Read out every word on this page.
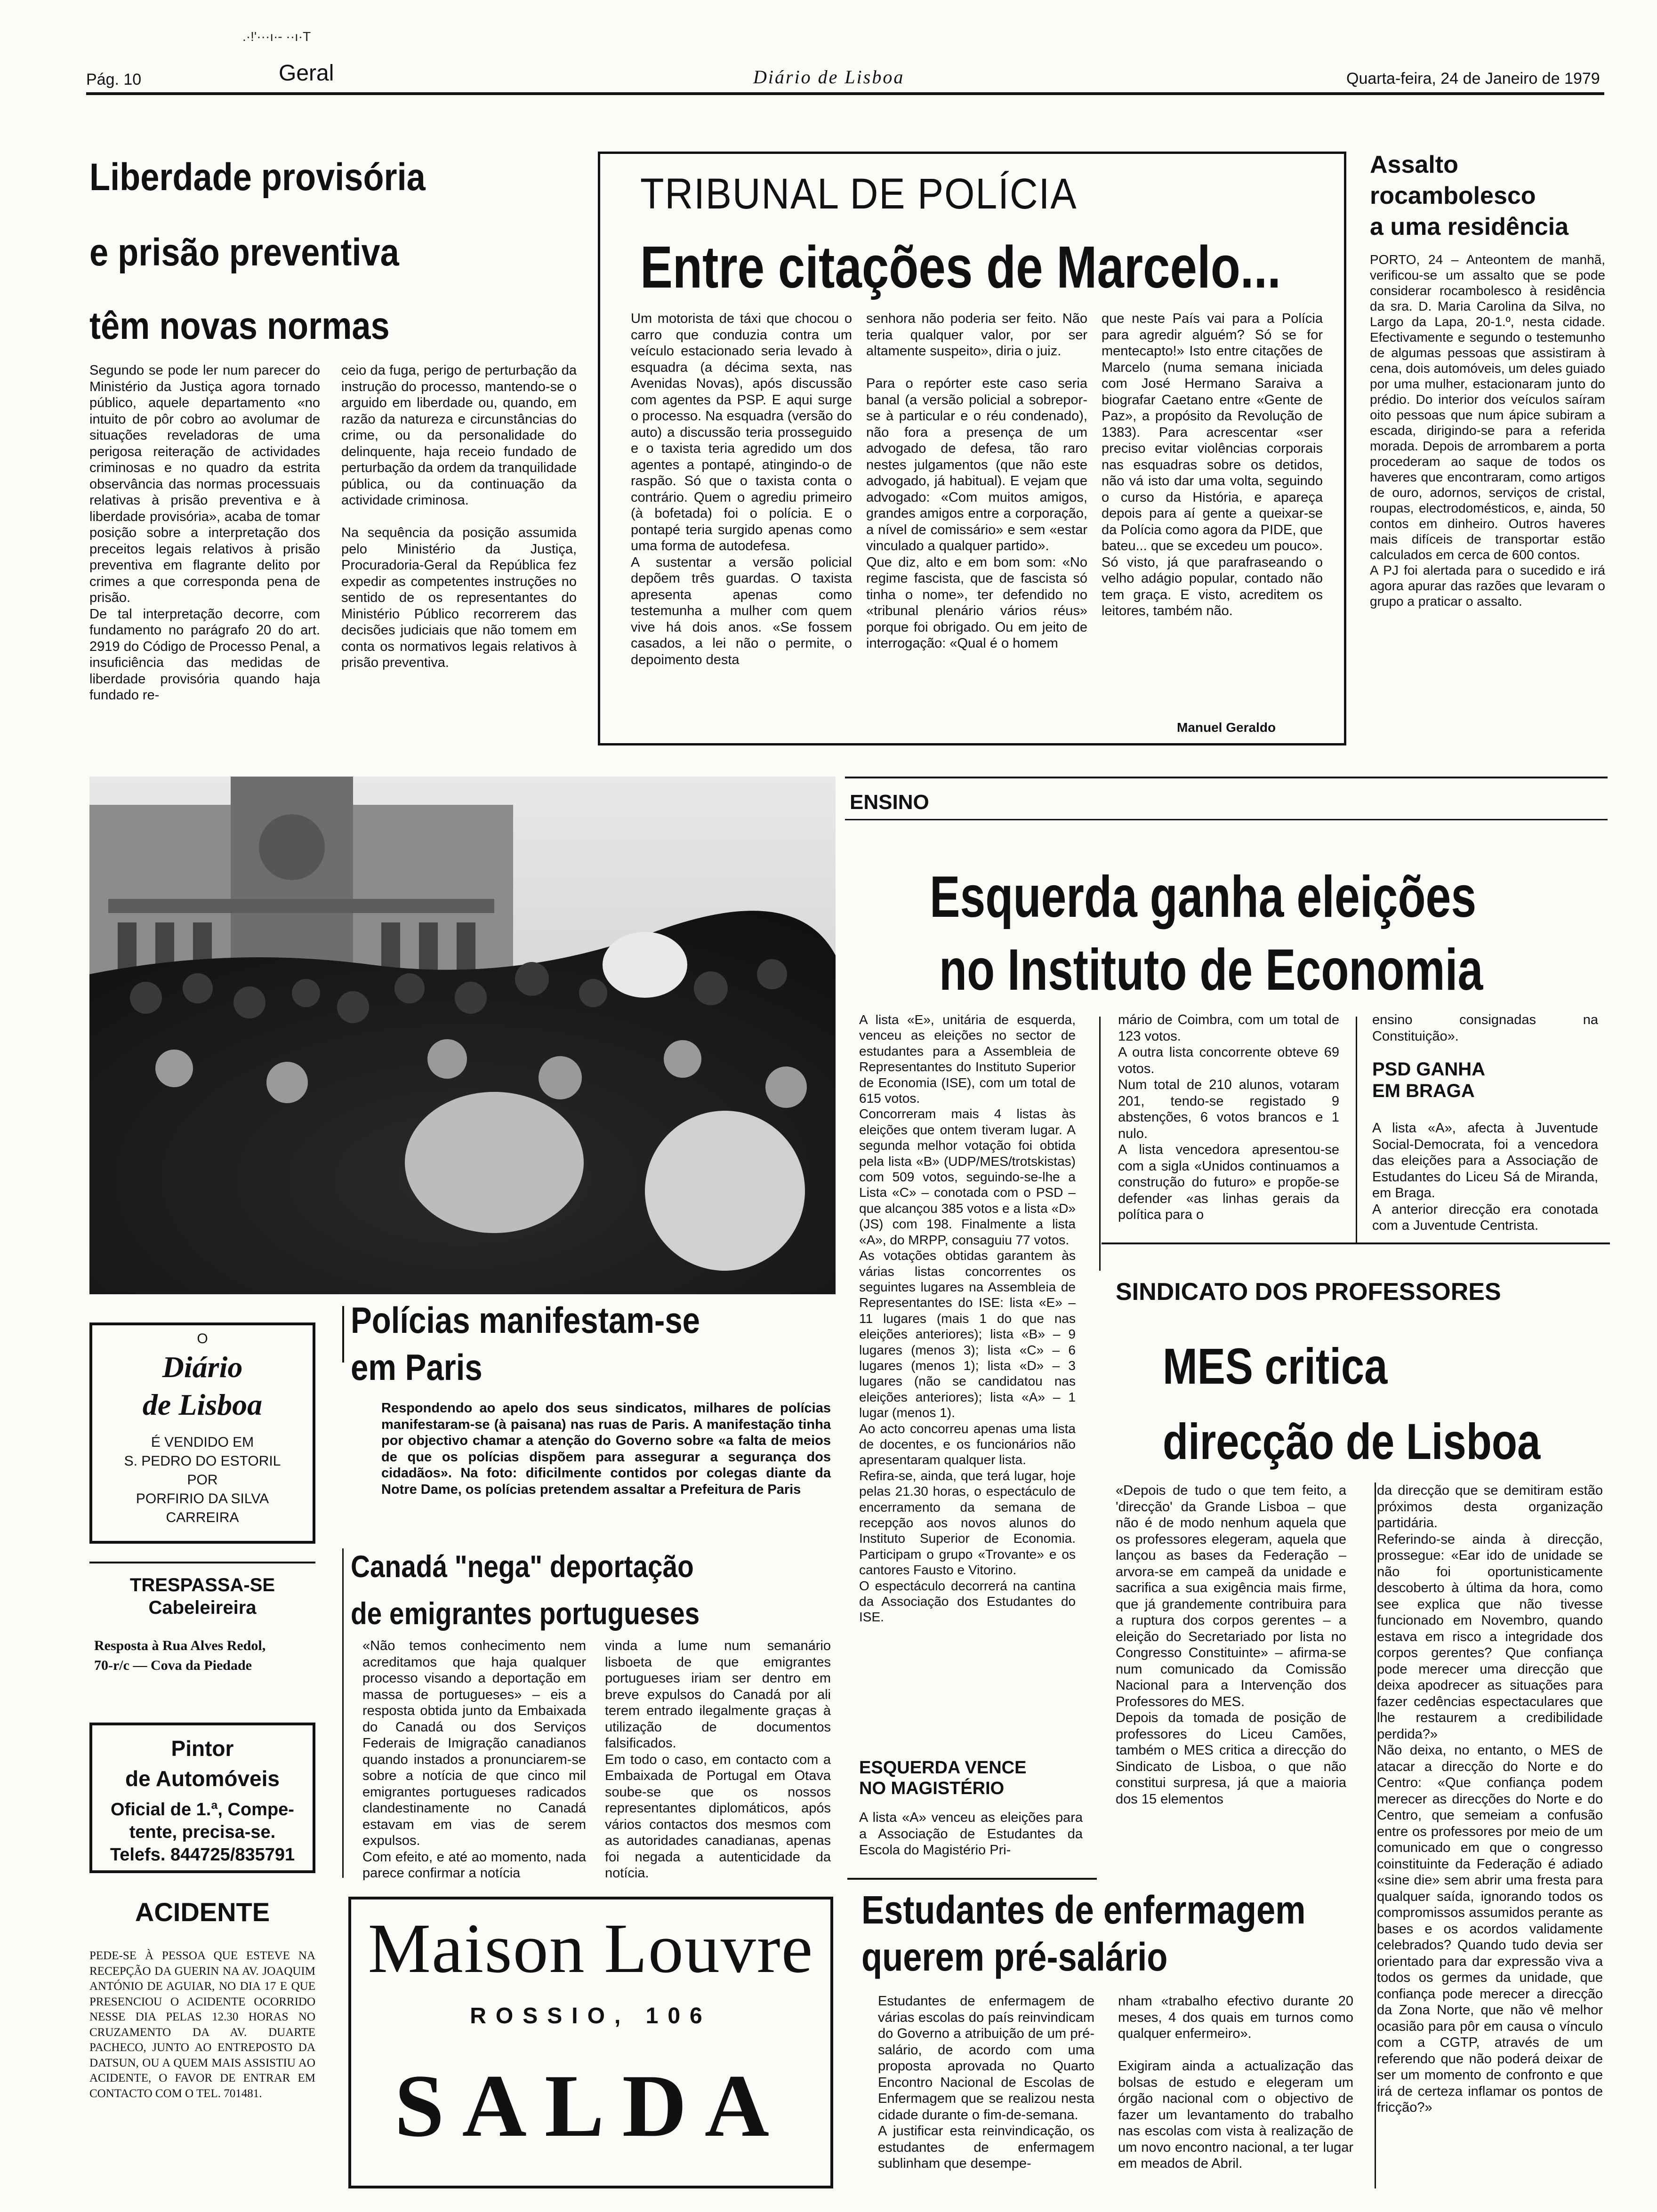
.·!'···ı·- ··ı·T
Pág. 10	Geral	Diário de Lisboa	Quarta-feira, 24 de Janeiro de 1979
Liberdade provisória
e prisão preventiva
têm novas normas

Segundo se pode ler num parecer do Ministério da Justiça agora tornado público, aquele departamento «no intuito de pôr cobro ao avolumar de situações reveladoras de uma perigosa reiteração de actividades criminosas e no quadro da estrita observância das normas processuais relativas à prisão preventiva e à liberdade provisória», acaba de tomar posição sobre a interpretação dos preceitos legais relativos à prisão preventiva em flagrante delito por crimes a que corresponda pena de prisão.
De tal interpretação decorre, com fundamento no parágrafo 20 do art. 2919 do Código de Processo Penal, a insuficiência das medidas de liberdade provisória quando haja fundado re-

ceio da fuga, perigo de perturbação da instrução do processo, mantendo-se o arguido em liberdade ou, quando, em razão da natureza e circunstâncias do crime, ou da personalidade do delinquente, haja receio fundado de perturbação da ordem da tranquilidade pública, ou da continuação da actividade criminosa.

Na sequência da posição assumida pelo Ministério da Justiça, Procuradoria-Geral da República fez expedir as competentes instruções no sentido de os representantes do Ministério Público recorrerem das decisões judiciais que não tomem em conta os normativos legais relativos à prisão preventiva.

TRIBUNAL DE POLÍCIA
Entre citações de Marcelo...

Um motorista de táxi que chocou o carro que conduzia contra um veículo estacionado seria levado à esquadra (a décima sexta, nas Avenidas Novas), após discussão com agentes da PSP. E aqui surge o processo. Na esquadra (versão do auto) a discussão teria prosseguido e o taxista teria agredido um dos agentes a pontapé, atingindo-o de raspão. Só que o taxista conta o contrário. Quem o agrediu primeiro (à bofetada) foi o polícia. E o pontapé teria surgido apenas como uma forma de autodefesa.
A sustentar a versão policial depõem três guardas. O taxista apresenta apenas como testemunha a mulher com quem vive há dois anos. «Se fossem casados, a lei não o permite, o depoimento desta

senhora não poderia ser feito. Não teria qualquer valor, por ser altamente suspeito», diria o juiz.

Para o repórter este caso seria banal (a versão policial a sobrepor-se à particular e o réu condenado), não fora a presença de um advogado de defesa, tão raro nestes julgamentos (que não este advogado, já habitual). E vejam que advogado: «Com muitos amigos, grandes amigos entre a corporação, a nível de comissário» e sem «estar vinculado a qualquer partido».
Que diz, alto e em bom som: «No regime fascista, que de fascista só tinha o nome», ter defendido no «tribunal plenário vários réus» porque foi obrigado. Ou em jeito de interrogação: «Qual é o homem

que neste País vai para a Polícia para agredir alguém? Só se for mentecapto!» Isto entre citações de Marcelo (numa semana iniciada com José Hermano Saraiva a biografar Caetano entre «Gente de Paz», a propósito da Revolução de 1383). Para acrescentar «ser preciso evitar violências corporais nas esquadras sobre os detidos, não vá isto dar uma volta, seguindo o curso da História, e apareça depois para aí gente a queixar-se da Polícia como agora da PIDE, que bateu... que se excedeu um pouco». Só visto, já que parafraseando o velho adágio popular, contado não tem graça. E visto, acreditem os leitores, também não.

Manuel Geraldo
Assalto
rocambolesco
a uma residência

PORTO, 24 – Anteontem de manhã, verificou-se um assalto que se pode considerar rocambolesco à residência da sra. D. Maria Carolina da Silva, no Largo da Lapa, 20-1.º, nesta cidade. Efectivamente e segundo o testemunho de algumas pessoas que assistiram à cena, dois automóveis, um deles guiado por uma mulher, estacionaram junto do prédio. Do interior dos veículos saíram oito pessoas que num ápice subiram a escada, dirigindo-se para a referida morada. Depois de arrombarem a porta procederam ao saque de todos os haveres que encontraram, como artigos de ouro, adornos, serviços de cristal, roupas, electrodomésticos, e, ainda, 50 contos em dinheiro. Outros haveres mais difíceis de transportar estão calculados em cerca de 600 contos.
A PJ foi alertada para o sucedido e irá agora apurar das razões que levaram o grupo a praticar o assalto.

Polícias manifestam-se
em Paris

Respondendo ao apelo dos seus sindicatos, milhares de polícias manifestaram-se (à paisana) nas ruas de Paris. A manifestação tinha por objectivo chamar a atenção do Governo sobre «a falta de meios de que os polícias dispõem para assegurar a segurança dos cidadãos». Na foto: dificilmente contidos por colegas diante da Notre Dame, os polícias pretendem assaltar a Prefeitura de Paris

O
Diário
de Lisboa
É VENDIDO EM
S. PEDRO DO ESTORIL
POR
PORFIRIO DA SILVA
CARREIRA
TRESPASSA-SE
Cabeleireira
Resposta à Rua Alves Redol,
70-r/c — Cova da Piedade
Pintor
de Automóveis
Oficial de 1.ª, Compe-
tente, precisa-se.
Telefs. 844725/835791
ACIDENTE

PEDE-SE À PESSOA QUE ESTEVE NA RECEPÇÃO DA GUERIN NA AV. JOAQUIM ANTÓNIO DE AGUIAR, NO DIA 17 E QUE PRESENCIOU O ACIDENTE OCORRIDO NESSE DIA PELAS 12.30 HORAS NO CRUZAMENTO DA AV. DUARTE PACHECO, JUNTO AO ENTREPOSTO DA DATSUN, OU A QUEM MAIS ASSISTIU AO ACIDENTE, O FAVOR DE ENTRAR EM CONTACTO COM O TEL. 701481.

Canadá "nega" deportação
de emigrantes portugueses

«Não temos conhecimento nem acreditamos que haja qualquer processo visando a deportação em massa de portugueses» – eis a resposta obtida junto da Embaixada do Canadá ou dos Serviços Federais de Imigração canadianos quando instados a pronunciarem-se sobre a notícia de que cinco mil emigrantes portugueses radicados clandestinamente no Canadá estavam em vias de serem expulsos.
Com efeito, e até ao momento, nada parece confirmar a notícia

vinda a lume num semanário lisboeta de que emigrantes portugueses iriam ser dentro em breve expulsos do Canadá por ali terem entrado ilegalmente graças à utilização de documentos falsificados.
Em todo o caso, em contacto com a Embaixada de Portugal em Otava soube-se que os nossos representantes diplomáticos, após vários contactos dos mesmos com as autoridades canadianas, apenas foi negada a autenticidade da notícia.

Maison Louvre
ROSSIO, 106
SALDA
ENSINO
Esquerda ganha eleições
no Instituto de Economia

A lista «E», unitária de esquerda, venceu as eleições no sector de estudantes para a Assembleia de Representantes do Instituto Superior de Economia (ISE), com um total de 615 votos.
Concorreram mais 4 listas às eleições que ontem tiveram lugar. A segunda melhor votação foi obtida pela lista «B» (UDP/MES/trotskistas) com 509 votos, seguindo-se-lhe a Lista «C» – conotada com o PSD – que alcançou 385 votos e a lista «D» (JS) com 198. Finalmente a lista «A», do MRPP, consaguiu 77 votos.
As votações obtidas garantem às várias listas concorrentes os seguintes lugares na Assembleia de Representantes do ISE: lista «E» – 11 lugares (mais 1 do que nas eleições anteriores); lista «B» – 9 lugares (menos 3); lista «C» – 6 lugares (menos 1); lista «D» – 3 lugares (não se candidatou nas eleições anteriores); lista «A» – 1 lugar (menos 1).
Ao acto concorreu apenas uma lista de docentes, e os funcionários não apresentaram qualquer lista.
Refira-se, ainda, que terá lugar, hoje pelas 21.30 horas, o espectáculo de encerramento da semana de recepção aos novos alunos do Instituto Superior de Economia. Participam o grupo «Trovante» e os cantores Fausto e Vitorino.
O espectáculo decorrerá na cantina da Associação dos Estudantes do ISE.

mário de Coimbra, com um total de 123 votos.
A outra lista concorrente obteve 69 votos.
Num total de 210 alunos, votaram 201, tendo-se registado 9 abstenções, 6 votos brancos e 1 nulo.
A lista vencedora apresentou-se com a sigla «Unidos continuamos a construção do futuro» e propõe-se defender «as linhas gerais da política para o

ensino consignadas na Constituição».

PSD GANHA
EM BRAGA

A lista «A», afecta à Juventude Social-Democrata, foi a vencedora das eleições para a Associação de Estudantes do Liceu Sá de Miranda, em Braga.
A anterior direcção era conotada com a Juventude Centrista.

ESQUERDA VENCE
NO MAGISTÉRIO

A lista «A» venceu as eleições para a Associação de Estudantes da Escola do Magistério Pri-

SINDICATO DOS PROFESSORES
MES critica
direcção de Lisboa

«Depois de tudo o que tem feito, a 'direcção' da Grande Lisboa – que não é de modo nenhum aquela que os professores elegeram, aquela que lançou as bases da Federação – arvora-se em campeã da unidade e sacrifica a sua exigência mais firme, que já grandemente contribuira para a ruptura dos corpos gerentes – a eleição do Secretariado por lista no Congresso Constituinte» – afirma-se num comunicado da Comissão Nacional para a Intervenção dos Professores do MES.
Depois da tomada de posição de professores do Liceu Camões, também o MES critica a direcção do Sindicato de Lisboa, o que não constitui surpresa, já que a maioria dos 15 elementos

da direcção que se demitiram estão próximos desta organização partidária.
Referindo-se ainda à direcção, prossegue: «Ear ido de unidade se não foi oportunisticamente descoberto à última da hora, como see explica que não tivesse funcionado em Novembro, quando estava em risco a integridade dos corpos gerentes? Que confiança pode merecer uma direcção que deixa apodrecer as situações para fazer cedências espectaculares que lhe restaurem a credibilidade perdida?»
Não deixa, no entanto, o MES de atacar a direcção do Norte e do Centro: «Que confiança podem merecer as direcções do Norte e do Centro, que semeiam a confusão entre os professores por meio de um comunicado em que o congresso coinstituinte da Federação é adiado «sine die» sem abrir uma fresta para qualquer saída, ignorando todos os compromissos assumidos perante as bases e os acordos validamente celebrados? Quando tudo devia ser orientado para dar expressão viva a todos os germes da unidade, que confiança pode merecer a direcção da Zona Norte, que não vê melhor ocasião para pôr em causa o vínculo com a CGTP, através de um referendo que não poderá deixar de ser um momento de confronto e que irá de certeza inflamar os pontos de fricção?»

Estudantes de enfermagem
querem pré-salário

Estudantes de enfermagem de várias escolas do país reinvindicam do Governo a atribuição de um pré-salário, de acordo com uma proposta aprovada no Quarto Encontro Nacional de Escolas de Enfermagem que se realizou nesta cidade durante o fim-de-semana.
A justificar esta reinvindicação, os estudantes de enfermagem sublinham que desempe-

nham «trabalho efectivo durante 20 meses, 4 dos quais em turnos como qualquer enfermeiro».

Exigiram ainda a actualização das bolsas de estudo e elegeram um órgão nacional com o objectivo de fazer um levantamento do trabalho nas escolas com vista à realização de um novo encontro nacional, a ter lugar em meados de Abril.
